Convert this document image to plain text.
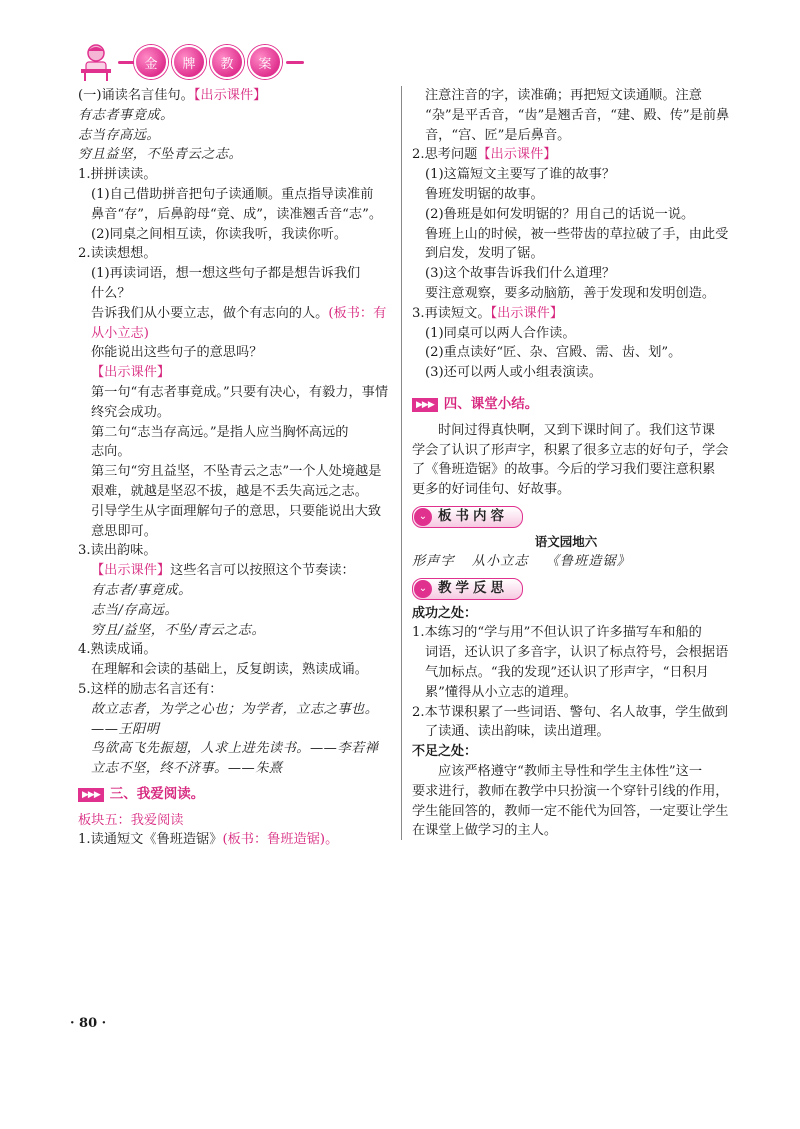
金	牌	教	案
(一)诵读名言佳句。【出示课件】
有志者事竟成。
志当存高远。
穷且益坚，不坠青云之志。
1.拼拼读读。
(1)自己借助拼音把句子读通顺。重点指导读准前
鼻音“存”，后鼻韵母“竟、成”，读准翘舌音“志”。
(2)同桌之间相互读，你读我听，我读你听。
2.读读想想。
(1)再读词语，想一想这些句子都是想告诉我们
什么？
告诉我们从小要立志，做个有志向的人。(板书：有
从小立志)
你能说出这些句子的意思吗？
【出示课件】
第一句“有志者事竟成。”只要有决心，有毅力，事情
终究会成功。
第二句“志当存高远。”是指人应当胸怀高远的
志向。
第三句“穷且益坚，不坠青云之志”一个人处境越是
艰难，就越是坚忍不拔，越是不丢失高远之志。
引导学生从字面理解句子的意思，只要能说出大致
意思即可。
3.读出韵味。
【出示课件】这些名言可以按照这个节奏读：
有志者/事竟成。
志当/存高远。
穷且/益坚，不坠/青云之志。
4.熟读成诵。
在理解和会读的基础上，反复朗读，熟读成诵。
5.这样的励志名言还有：
故立志者，为学之心也；为学者，立志之事也。
——王阳明
鸟欲高飞先振翅，人求上进先读书。——李若禅
立志不坚，终不济事。——朱熹
▶▶▶ 三、我爱阅读。
板块五：我爱阅读
1.读通短文《鲁班造锯》(板书：鲁班造锯)。
注意注音的字，读准确；再把短文读通顺。注意
“杂”是平舌音，“齿”是翘舌音，“建、殿、传”是前鼻
音，“宫、匠”是后鼻音。
2.思考问题【出示课件】
(1)这篇短文主要写了谁的故事？
鲁班发明锯的故事。
(2)鲁班是如何发明锯的？用自己的话说一说。
鲁班上山的时候，被一些带齿的草拉破了手，由此受
到启发，发明了锯。
(3)这个故事告诉我们什么道理？
要注意观察，要多动脑筋，善于发现和发明创造。
3.再读短文。【出示课件】
(1)同桌可以两人合作读。
(2)重点读好“匠、杂、宫殿、需、齿、划”。
(3)还可以两人或小组表演读。
▶▶▶ 四、课堂小结。
时间过得真快啊，又到下课时间了。我们这节课
学会了认识了形声字，积累了很多立志的好句子，学会
了《鲁班造锯》的故事。今后的学习我们要注意积累
更多的好词佳句、好故事。
⌄ 板书内容
语文园地六
形声字 从小立志 《鲁班造锯》
⌄ 教学反思
成功之处：
1.本练习的“学与用”不但认识了许多描写车和船的
词语，还认识了多音字，认识了标点符号，会根据语
气加标点。“我的发现”还认识了形声字，“日积月
累”懂得从小立志的道理。
2.本节课积累了一些词语、警句、名人故事，学生做到
了读通、读出韵味，读出道理。
不足之处：
应该严格遵守“教师主导性和学生主体性”这一
要求进行，教师在教学中只扮演一个穿针引线的作用，
学生能回答的，教师一定不能代为回答，一定要让学生
在课堂上做学习的主人。
· 80 ·
